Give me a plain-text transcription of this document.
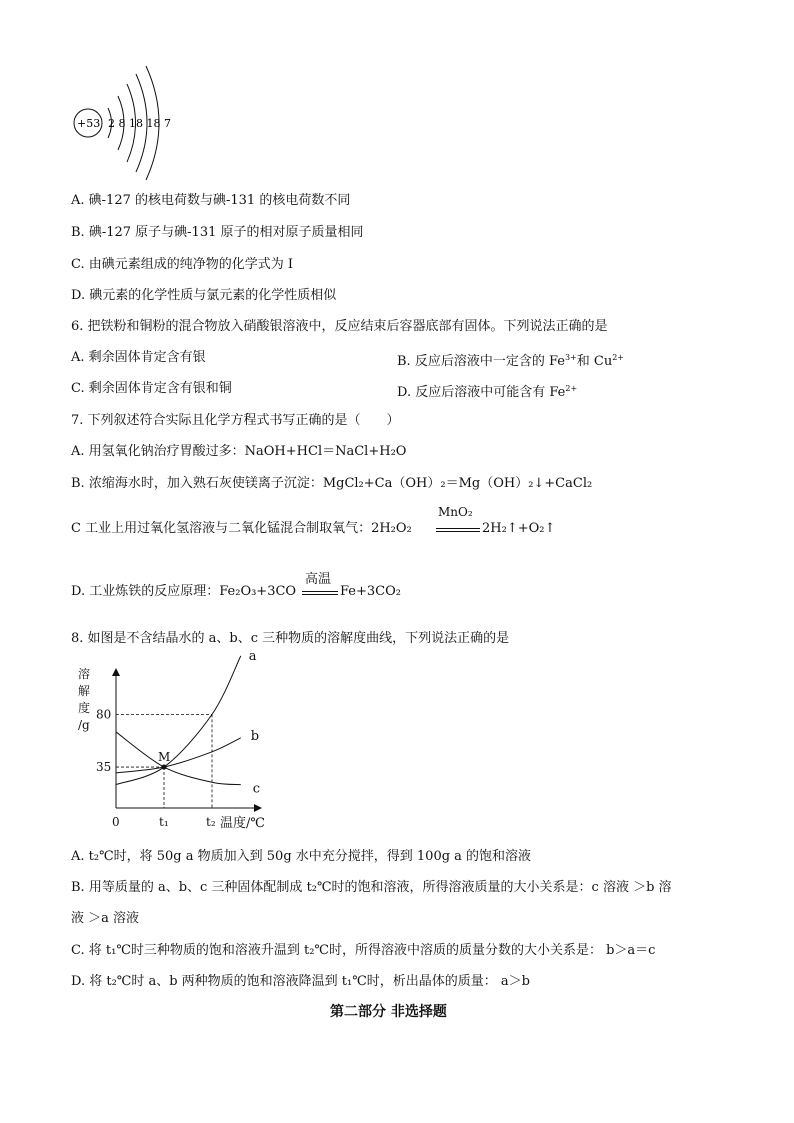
+53 2 8 18 18 7
A. 碘-127 的核电荷数与碘-131 的核电荷数不同
B. 碘-127 原子与碘-131 原子的相对原子质量相同
C. 由碘元素组成的纯净物的化学式为 I
D. 碘元素的化学性质与氯元素的化学性质相似
6. 把铁粉和铜粉的混合物放入硝酸银溶液中，反应结束后容器底部有固体。下列说法正确的是
A. 剩余固体肯定含有银	B. 反应后溶液中一定含的 $Fe^{3+}$和 $Cu^{2+}$
C. 剩余固体肯定含有银和铜	D. 反应后溶液中可能含有 $Fe^{2+}$
7. 下列叙述符合实际且化学方程式书写正确的是（　　）
A. 用氢氧化钠治疗胃酸过多：NaOH+HCl＝NaCl+H₂O
B. 浓缩海水时，加入熟石灰使镁离子沉淀：MgCl₂+Ca（OH）₂＝Mg（OH）₂↓+CaCl₂
C 工业上用过氧化氢溶液与二氧化锰混合制取氧气：2H₂O₂
MnO₂
2H₂↑+O₂↑
D. 工业炼铁的反应原理：Fe₂O₃+3CO
高温
Fe+3CO₂
8. 如图是不含结晶水的 a、b、c 三种物质的溶解度曲线，下列说法正确的是
溶
解
度
/g
a
b
c
M
80
35
0	t₁	t₂ 温度/℃
A. t₂℃时，将 50g a 物质加入到 50g 水中充分搅拌，得到 100g a 的饱和溶液
B. 用等质量的 a、b、c 三种固体配制成 t₂℃时的饱和溶液，所得溶液质量的大小关系是：c 溶液 ＞b 溶
液 ＞a 溶液
C. 将 t₁℃时三种物质的饱和溶液升温到 t₂℃时，所得溶液中溶质的质量分数的大小关系是： b＞a＝c
D. 将 t₂℃时 a、b 两种物质的饱和溶液降温到 t₁℃时，析出晶体的质量： a＞b
第二部分 非选择题
